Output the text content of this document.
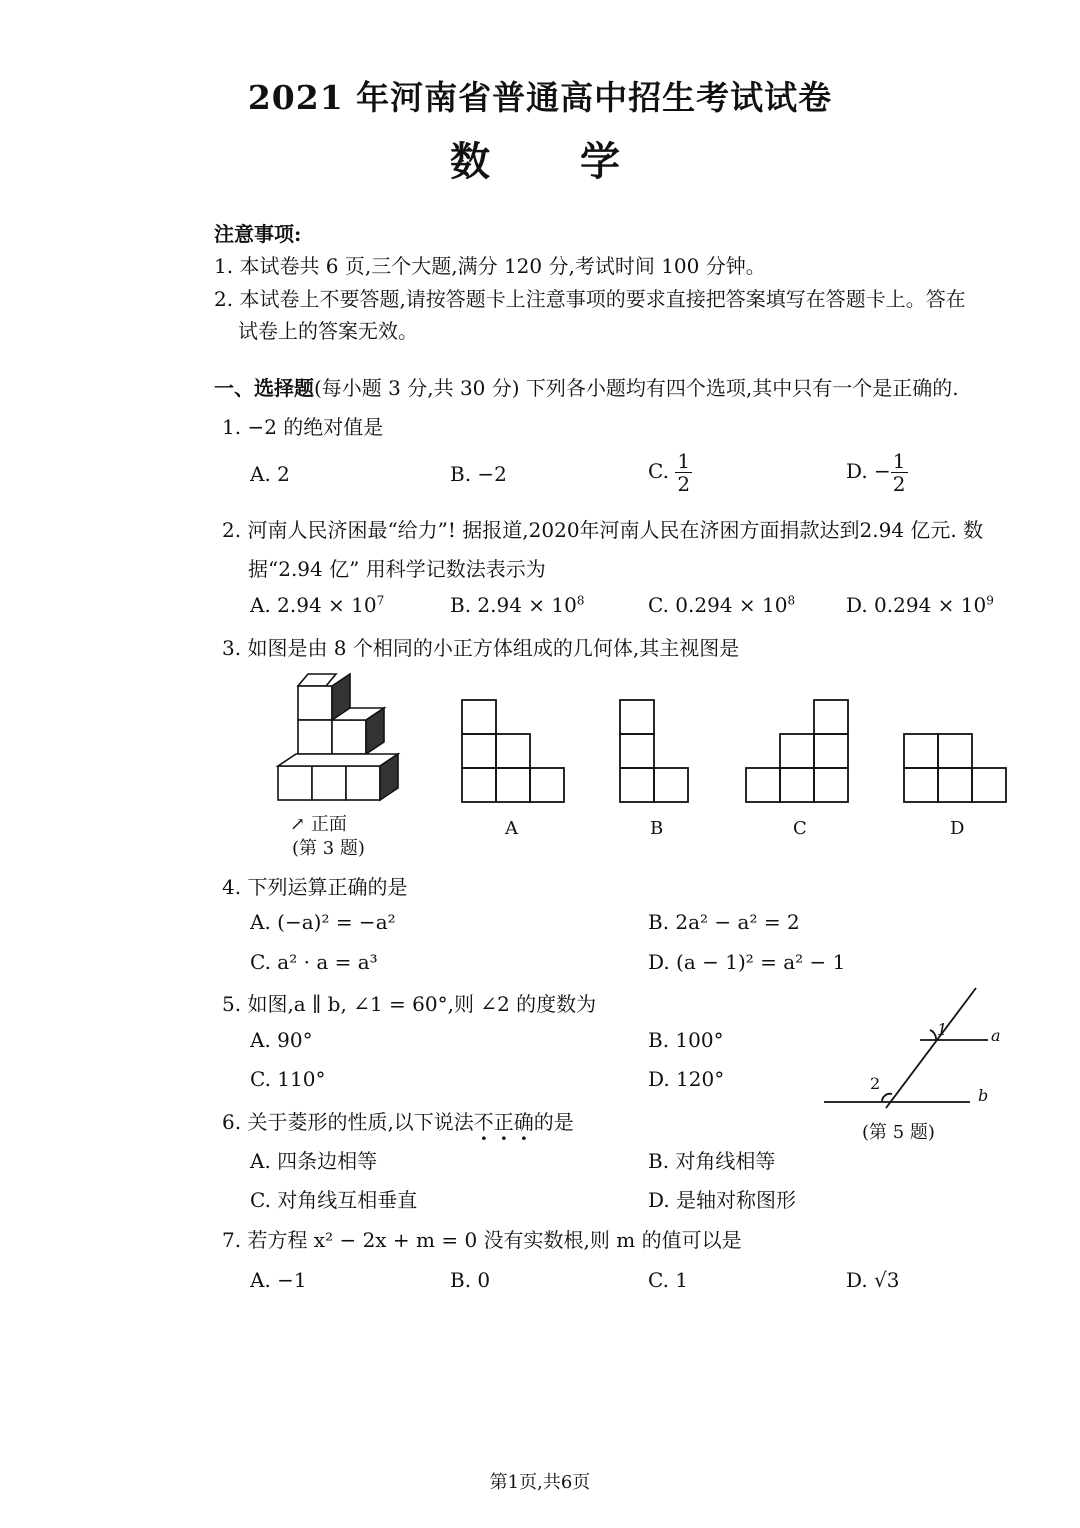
2021 年河南省普通高中招生考试试卷
数学
注意事项:
1. 本试卷共 6 页,三个大题,满分 120 分,考试时间 100 分钟。
2. 本试卷上不要答题,请按答题卡上注意事项的要求直接把答案填写在答题卡上。答在
试卷上的答案无效。
一、选择题(每小题 3 分,共 30 分) 下列各小题均有四个选项,其中只有一个是正确的.
1. −2 的绝对值是
A. 2	B. −2	C. $\frac{1}{2}$	D. − $\frac{1}{2}$
2. 河南人民济困最“给力”! 据报道,2020年河南人民在济困方面捐款达到2.94 亿元. 数
据“2.94 亿” 用科学记数法表示为
A. $2.94 \times 10^7$	B. $2.94 \times 10^8$	C. $0.294 \times 10^8$	D. $0.294 \times 10^9$
3. 如图是由 8 个相同的小正方体组成的几何体,其主视图是
↗ 正面
(第 3 题)
A	B	C	D
4. 下列运算正确的是
A. (−a)² = −a²	B. 2a² − a² = 2
C. a² · a = a³	D. (a − 1)² = a² − 1
5. 如图,a ∥ b, ∠1 = 60°,则 ∠2 的度数为
A. 90°	B. 100°
C. 110°	D. 120°
1	a
2
b
(第 5 题)
6. 关于菱形的性质,以下说法不正确的是
A. 四条边相等	B. 对角线相等
C. 对角线互相垂直	D. 是轴对称图形
7. 若方程 x² − 2x + m = 0 没有实数根,则 m 的值可以是
A. −1	B. 0	C. 1	D. √3
第1页,共6页
